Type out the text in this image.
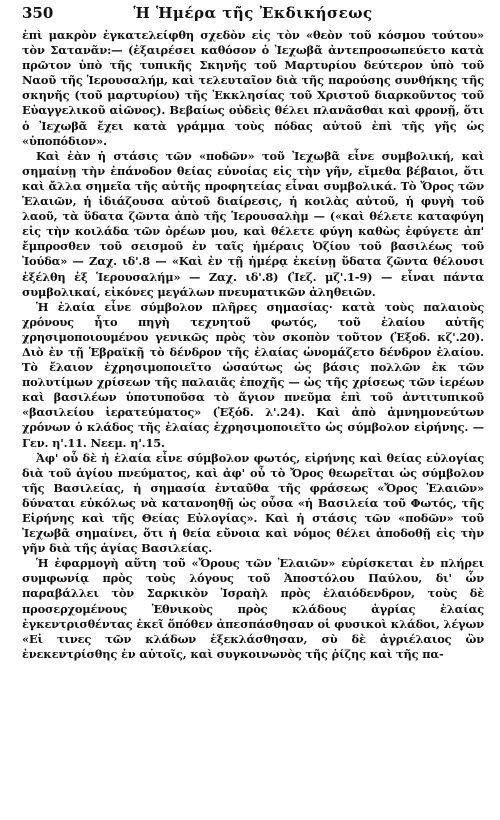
350	Ἡ Ἡμέρα τῆς Ἐκδικήσεως

ἐπὶ μακρὸν ἐγκατελείφθη σχεδὸν εἰς τὸν «θεὸν τοῦ κόσμου τούτου» τὸν Σατανᾶν:— (ἐξαιρέσει καθόσον ὁ Ἰεχωβᾶ ἀντεπροσωπεύετο κατὰ πρῶτον ὑπὸ τῆς τυπικῆς Σκηνῆς τοῦ Μαρτυρίου δεύτερον ὑπὸ τοῦ Ναοῦ τῆς Ἱερουσαλήμ, καὶ τελευταῖον διὰ τῆς παρούσης συνθήκης τῆς σκηνῆς (τοῦ μαρτυρίου) τῆς Ἐκκλησίας τοῦ Χριστοῦ διαρκοῦντος τοῦ Εὐαγγελικοῦ αἰῶνος). Βεβαίως οὐδεὶς θέλει πλανᾶσθαι καὶ φρονῇ, ὅτι ὁ Ἰεχωβᾶ ἔχει κατὰ γράμμα τοὺς πόδας αὐτοῦ ἐπὶ τῆς γῆς ὡς «ὑποπόδιον».

Καὶ ἐὰν ἡ στάσις τῶν «ποδῶν» τοῦ Ἰεχωβᾶ εἶνε συμβολική, καὶ σημαίνῃ τὴν ἐπάνοδον θείας εὐνοίας εἰς τὴν γῆν, εἴμεθα βέβαιοι, ὅτι καὶ ἄλλα σημεῖα τῆς αὐτῆς προφητείας εἶναι συμβολικά. Τὸ Ὄρος τῶν Ἐλαιῶν, ἡ ἰδιάζουσα αὐτοῦ διαίρεσις, ἡ κοιλὰς αὐτοῦ, ἡ φυγὴ τοῦ λαοῦ, τὰ ὕδατα ζῶντα ἀπὸ τῆς Ἱερουσαλὴμ — («καὶ θέλετε καταφύγη εἰς τὴν κοιλάδα τῶν ὀρέων μου, καὶ θέλετε φύγη καθὼς ἐφύγετε ἀπ' ἔμπροσθεν τοῦ σεισμοῦ ἐν ταῖς ἡμέραις Ὀζίου τοῦ βασιλέως τοῦ Ἰούδα» — Ζαχ. ιδ'.8 — «Καὶ ἐν τῇ ἡμέρᾳ ἐκείνῃ ὕδατα ζῶντα θέλουσι ἐξέλθη ἐξ Ἱερουσαλήμ» — Ζαχ. ιδ'.8) (Ἰεζ. μζ'.1-9) — εἶναι πάντα συμβολικαί, εἰκόνες μεγάλων πνευματικῶν ἀληθειῶν.

Ἡ ἐλαία εἶνε σύμβολον πλῆρες σημασίας· κατὰ τοὺς παλαιοὺς χρόνους ἦτο πηγὴ τεχνητοῦ φωτός, τοῦ ἐλαίου αὐτῆς χρησιμοποιουμένου γενικῶς πρὸς τὸν σκοπὸν τοῦτον (Ἐξοδ. κζ'.20). Διὸ ἐν τῇ Ἑβραϊκῇ τὸ δένδρον τῆς ἐλαίας ὠνομάζετο δένδρον ἐλαίου. Τὸ ἔλαιον ἐχρησιμοποιεῖτο ὡσαύτως ὡς βάσις πολλῶν ἐκ τῶν πολυτίμων χρίσεων τῆς παλαιᾶς ἐποχῆς — ὡς τῆς χρίσεως τῶν ἱερέων καὶ βασιλέων ὑποτυποῦσα τὸ ἅγιον πνεῦμα ἐπὶ τοῦ ἀντιτυπικοῦ «βασιλείου ἱερατεύματος» (Ἐξόδ. λ'.24). Καὶ ἀπὸ ἀμνημονεύτων χρόνων ὁ κλάδος τῆς ἐλαίας ἐχρησιμοποιεῖτο ὡς σύμβολον εἰρήνης. — Γεν. η'.11. Νεεμ. η'.15.

Ἀφ' οὗ δὲ ἡ ἐλαία εἶνε σύμβολον φωτός, εἰρήνης καὶ θείας εὐλογίας διὰ τοῦ ἁγίου πνεύματος, καὶ ἀφ' οὗ τὸ Ὄρος θεωρεῖται ὡς σύμβολον τῆς Βασιλείας, ἡ σημασία ἐνταῦθα τῆς φράσεως «Ὄρος Ἐλαιῶν» δύναται εὐκόλως νὰ κατανοηθῇ ὡς οὖσα «ἡ Βασιλεία τοῦ Φωτός, τῆς Εἰρήνης καὶ τῆς Θείας Εὐλογίας». Καὶ ἡ στάσις τῶν «ποδῶν» τοῦ Ἰεχωβᾶ σημαίνει, ὅτι ἡ θεία εὔνοια καὶ νόμος θέλει ἀποδοθῇ εἰς τὴν γῆν διὰ τῆς ἁγίας Βασιλείας.

Ἡ ἐφαρμογὴ αὕτη τοῦ «Ὄρους τῶν Ἐλαιῶν» εὑρίσκεται ἐν πλήρει συμφωνίᾳ πρὸς τοὺς λόγους τοῦ Ἀποστόλου Παύλου, δι' ὧν παραβάλλει τὸν Σαρκικὸν Ἰσραὴλ πρὸς ἐλαιόδενδρον, τοὺς δὲ προσερχομένους Ἐθνικοὺς πρὸς κλάδους ἀγρίας ἐλαίας ἐγκεντρισθέντας ἐκεῖ ὅπόθεν ἀπεσπάσθησαν οἱ φυσικοὶ κλάδοι, λέγων «Εἰ τινες τῶν κλάδων ἐξεκλάσθησαν, σὺ δὲ ἀγριέλαιος ὢν ἐνεκεντρίσθης ἐν αὐτοῖς, καὶ συγκοινωνὸς τῆς ῥίζης καὶ τῆς πα-
